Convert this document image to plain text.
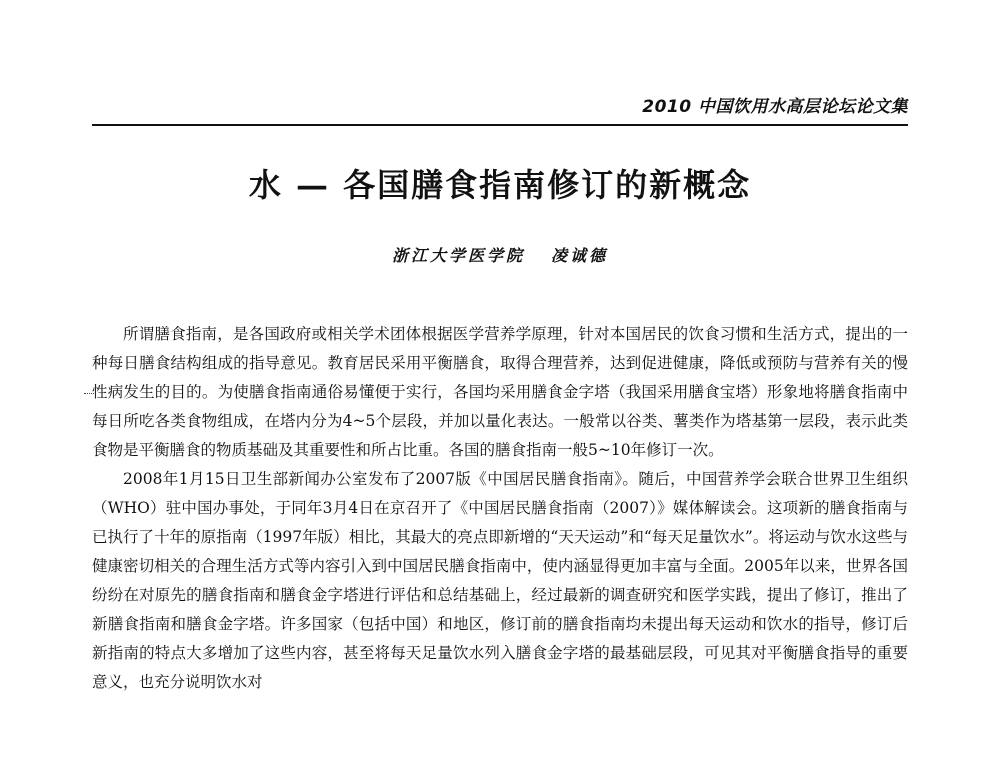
2010 中国饮用水高层论坛论文集
水 — 各国膳食指南修订的新概念
浙江大学医学院 凌诚德

所谓膳食指南，是各国政府或相关学术团体根据医学营养学原理，针对本国居民的饮食习惯和生活方式，提出的一种每日膳食结构组成的指导意见。教育居民采用平衡膳食，取得合理营养，达到促进健康，降低或预防与营养有关的慢性病发生的目的。为使膳食指南通俗易懂便于实行，各国均采用膳食金字塔（我国采用膳食宝塔）形象地将膳食指南中每日所吃各类食物组成，在塔内分为4~5个层段，并加以量化表达。一般常以谷类、薯类作为塔基第一层段，表示此类食物是平衡膳食的物质基础及其重要性和所占比重。各国的膳食指南一般5~10年修订一次。

2008年1月15日卫生部新闻办公室发布了2007版《中国居民膳食指南》。随后，中国营养学会联合世界卫生组织（WHO）驻中国办事处，于同年3月4日在京召开了《中国居民膳食指南（2007）》媒体解读会。这项新的膳食指南与已执行了十年的原指南（1997年版）相比，其最大的亮点即新增的“天天运动”和“每天足量饮水”。将运动与饮水这些与健康密切相关的合理生活方式等内容引入到中国居民膳食指南中，使内涵显得更加丰富与全面。2005年以来，世界各国纷纷在对原先的膳食指南和膳食金字塔进行评估和总结基础上，经过最新的调查研究和医学实践，提出了修订，推出了新膳食指南和膳食金字塔。许多国家（包括中国）和地区，修订前的膳食指南均未提出每天运动和饮水的指导，修订后新指南的特点大多增加了这些内容，甚至将每天足量饮水列入膳食金字塔的最基础层段，可见其对平衡膳食指导的重要意义，也充分说明饮水对
